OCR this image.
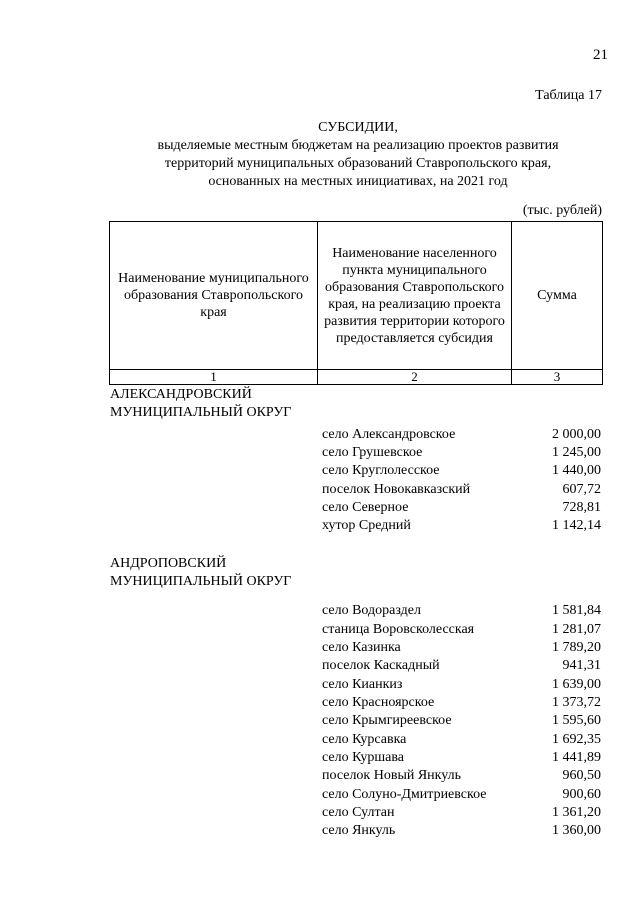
21
Таблица 17
СУБСИДИИ,
выделяемые местным бюджетам на реализацию проектов развития
территорий муниципальных образований Ставропольского края,
основанных на местных инициативах, на 2021 год
(тыс. рублей)
Наименование муниципального образования Ставропольского края	Наименование населенного пункта муниципального образования Ставропольского края, на реализацию проекта развития территории которого предоставляется субсидия	Сумма
1	2	3
АЛЕКСАНДРОВСКИЙ
МУНИЦИПАЛЬНЫЙ ОКРУГ
село Александровское	2 000,00
село Грушевское	1 245,00
село Круглолесское	1 440,00
поселок Новокавказский	607,72
село Северное	728,81
хутор Средний	1 142,14
АНДРОПОВСКИЙ
МУНИЦИПАЛЬНЫЙ ОКРУГ
село Водораздел	1 581,84
станица Воровсколесская	1 281,07
село Казинка	1 789,20
поселок Каскадный	941,31
село Кианкиз	1 639,00
село Красноярское	1 373,72
село Крымгиреевское	1 595,60
село Курсавка	1 692,35
село Куршава	1 441,89
поселок Новый Янкуль	960,50
село Солуно-Дмитриевское	900,60
село Султан	1 361,20
село Янкуль	1 360,00
